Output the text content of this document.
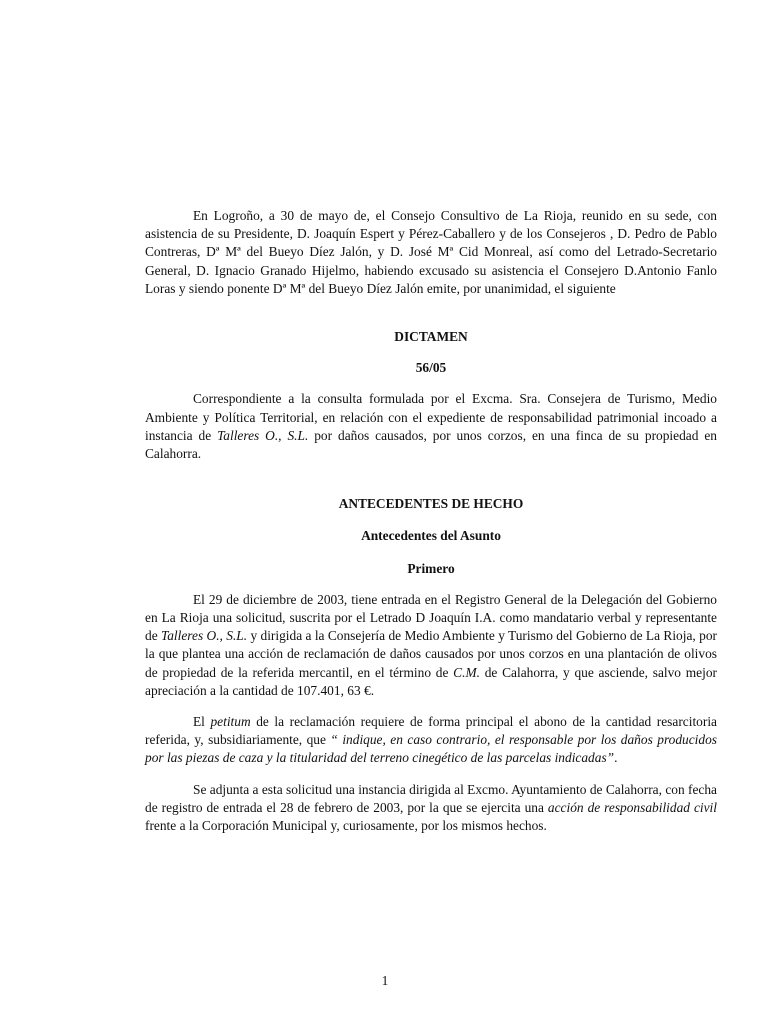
En Logroño, a 30 de mayo de, el Consejo Consultivo de La Rioja, reunido en su sede, con asistencia de su Presidente, D. Joaquín Espert y Pérez-Caballero y de los Consejeros , D. Pedro de Pablo Contreras, Dª Mª del Bueyo Díez Jalón, y D. José Mª Cid Monreal, así como del Letrado-Secretario General, D. Ignacio Granado Hijelmo, habiendo excusado su asistencia el Consejero D.Antonio Fanlo Loras y siendo ponente Dª Mª del Bueyo Díez Jalón emite, por unanimidad, el siguiente

DICTAMEN

56/05

Correspondiente a la consulta formulada por el Excma. Sra. Consejera de Turismo, Medio Ambiente y Política Territorial, en relación con el expediente de responsabilidad patrimonial incoado a instancia de Talleres O., S.L. por daños causados, por unos corzos, en una finca de su propiedad en Calahorra.

ANTECEDENTES DE HECHO

Antecedentes del Asunto

Primero

El 29 de diciembre de 2003, tiene entrada en el Registro General de la Delegación del Gobierno en La Rioja una solicitud, suscrita por el Letrado D Joaquín I.A. como mandatario verbal y representante de Talleres O., S.L. y dirigida a la Consejería de Medio Ambiente y Turismo del Gobierno de La Rioja, por la que plantea una acción de reclamación de daños causados por unos corzos en una plantación de olivos de propiedad de la referida mercantil, en el término de C.M. de Calahorra, y que asciende, salvo mejor apreciación a la cantidad de 107.401, 63 €.

El petitum de la reclamación requiere de forma principal el abono de la cantidad resarcitoria referida, y, subsidiariamente, que “ indique, en caso contrario, el responsable por los daños producidos por las piezas de caza y la titularidad del terreno cinegético de las parcelas indicadas”.

Se adjunta a esta solicitud una instancia dirigida al Excmo. Ayuntamiento de Calahorra, con fecha de registro de entrada el 28 de febrero de 2003, por la que se ejercita una acción de responsabilidad civil frente a la Corporación Municipal y, curiosamente, por los mismos hechos.

1
